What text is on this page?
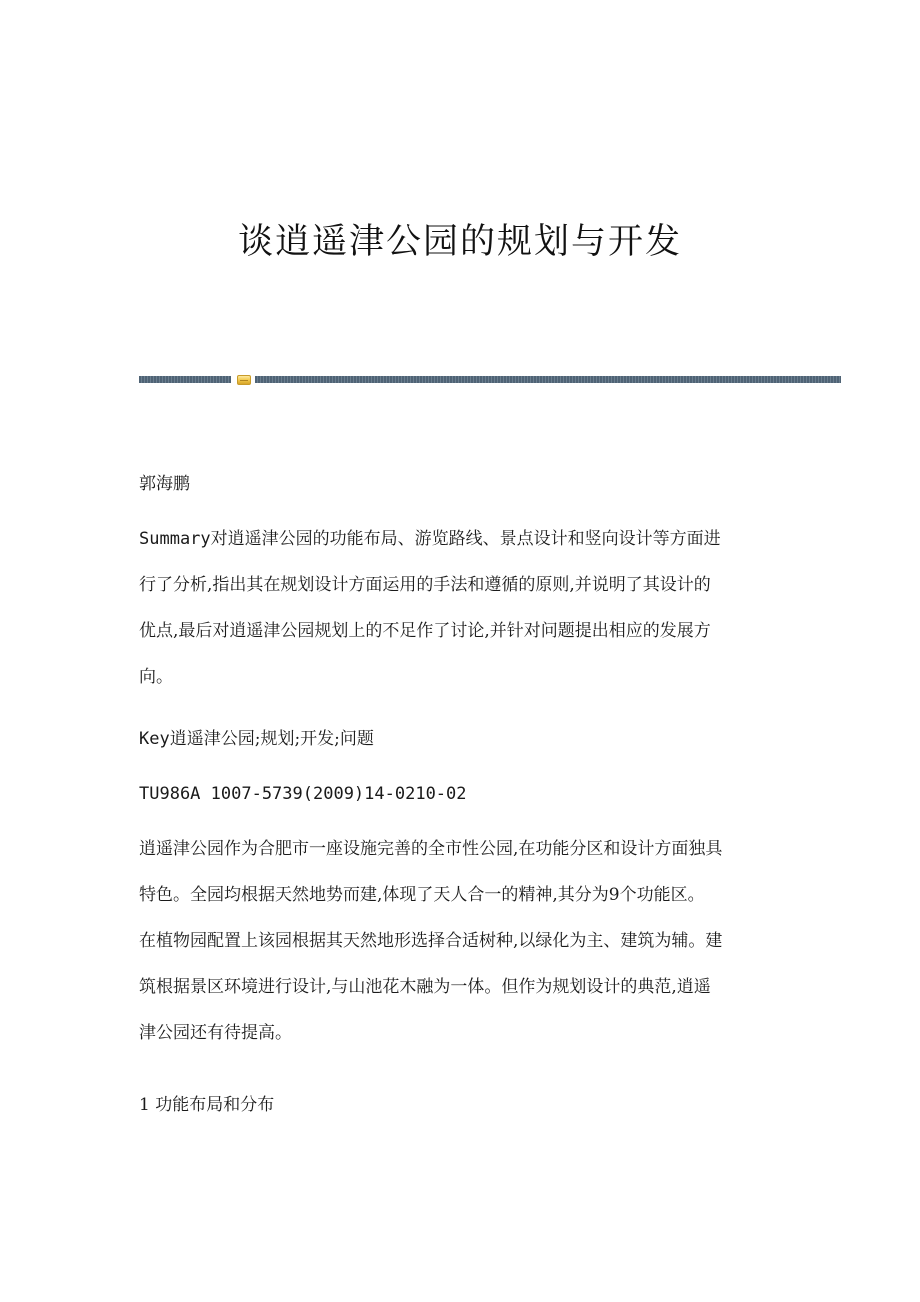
谈逍遥津公园的规划与开发

郭海鹏

Summary对逍遥津公园的功能布局、游览路线、景点设计和竖向设计等方面进
行了分析,指出其在规划设计方面运用的手法和遵循的原则,并说明了其设计的
优点,最后对逍遥津公园规划上的不足作了讨论,并针对问题提出相应的发展方
向。
Key逍遥津公园;规划;开发;问题
TU986A 1007-5739(2009)14-0210-02
逍遥津公园作为合肥市一座设施完善的全市性公园,在功能分区和设计方面独具
特色。全园均根据天然地势而建,体现了天人合一的精神,其分为9个功能区。
在植物园配置上该园根据其天然地形选择合适树种,以绿化为主、建筑为辅。建
筑根据景区环境进行设计,与山池花木融为一体。但作为规划设计的典范,逍遥
津公园还有待提高。
1 功能布局和分布
